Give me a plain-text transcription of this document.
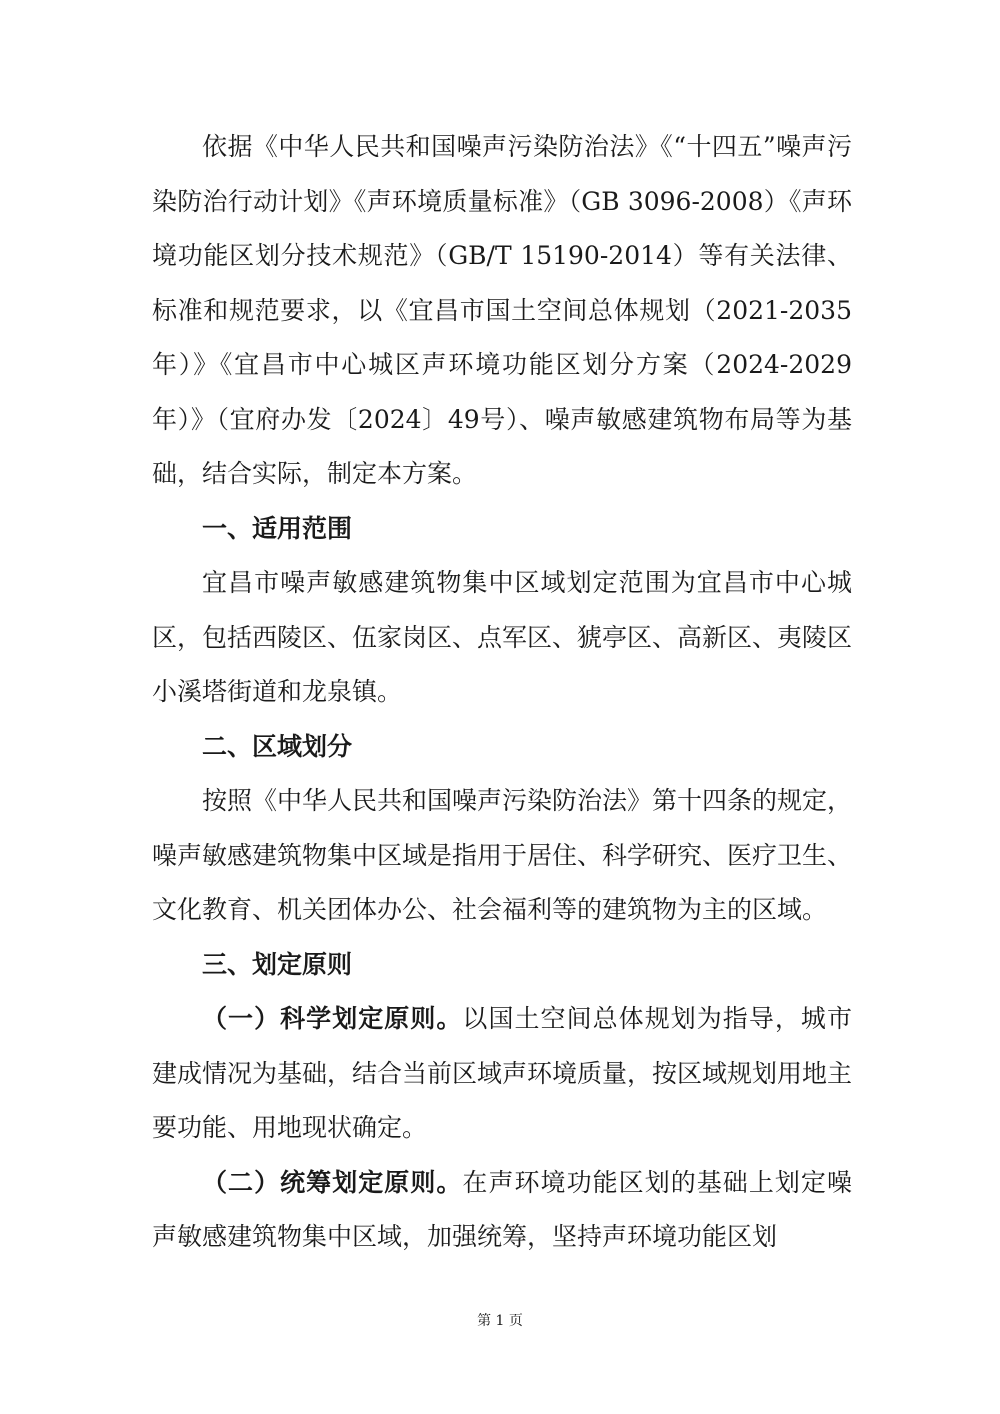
依据《中华人民共和国噪声污染防治法》《“十四五”噪声污染防治行动计划》《声环境质量标准》（GB 3096-2008）《声环境功能区划分技术规范》（GB/T 15190-2014）等有关法律、标准和规范要求，以《宜昌市国土空间总体规划（2021-2035年）》《宜昌市中心城区声环境功能区划分方案（2024-2029年）》（宜府办发〔2024〕49号）、噪声敏感建筑物布局等为基础，结合实际，制定本方案。

一、适用范围

宜昌市噪声敏感建筑物集中区域划定范围为宜昌市中心城区，包括西陵区、伍家岗区、点军区、猇亭区、高新区、夷陵区小溪塔街道和龙泉镇。

二、区域划分

按照《中华人民共和国噪声污染防治法》第十四条的规定，噪声敏感建筑物集中区域是指用于居住、科学研究、医疗卫生、文化教育、机关团体办公、社会福利等的建筑物为主的区域。

三、划定原则

（一）科学划定原则。以国土空间总体规划为指导，城市建成情况为基础，结合当前区域声环境质量，按区域规划用地主要功能、用地现状确定。

（二）统筹划定原则。在声环境功能区划的基础上划定噪声敏感建筑物集中区域，加强统筹，坚持声环境功能区划

第 1 页
